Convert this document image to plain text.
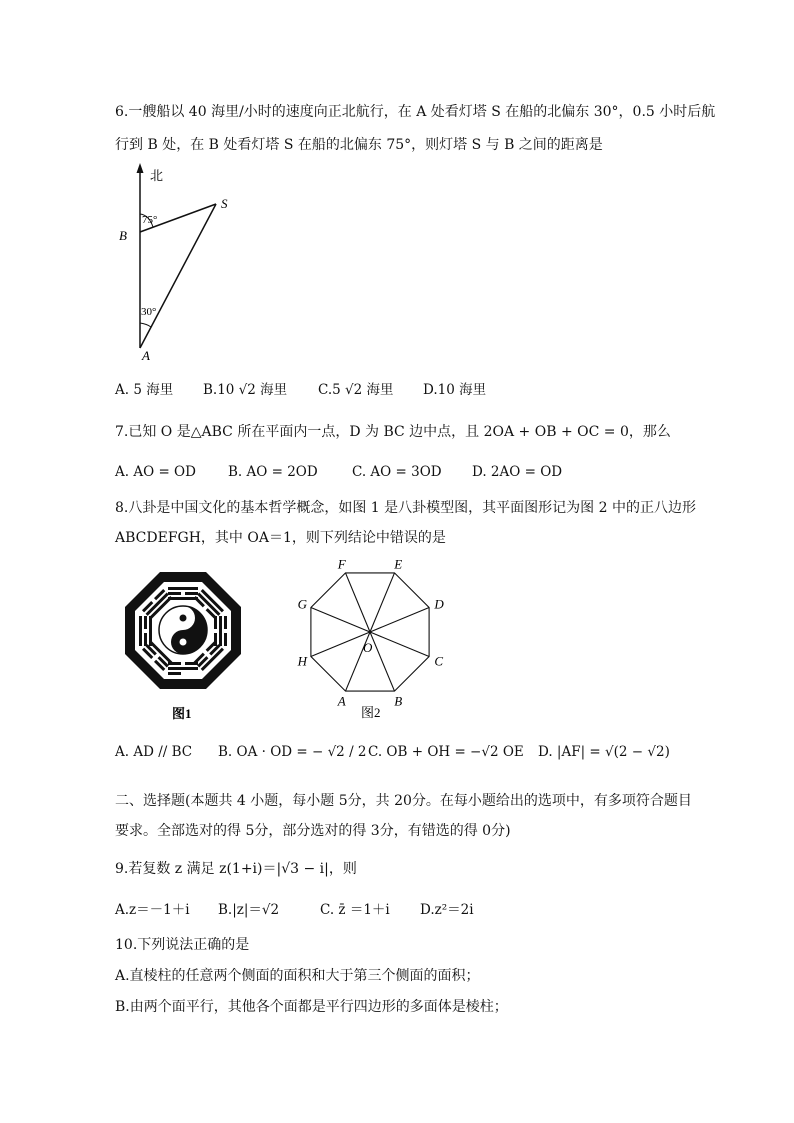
6.一艘船以 40 海里/小时的速度向正北航行，在 A 处看灯塔 S 在船的北偏东 30°，0.5 小时后航
行到 B 处，在 B 处看灯塔 S 在船的北偏东 75°，则灯塔 S 与 B 之间的距离是
北
S
B
A
75°
30°
A. 5 海里 B.10 √2 海里 C.5 √2 海里 D.10 海里
7.已知 O 是△ABC 所在平面内一点，D 为 BC 边中点，且 2OA + OB + OC = 0，那么
A. AO = OD B. AO = 2OD	C. AO = 3OD D. 2AO = OD
8.八卦是中国文化的基本哲学概念，如图 1 是八卦模型图，其平面图形记为图 2 中的正八边形
ABCDEFGH，其中 OA＝1，则下列结论中错误的是
图1
A	B
C
D
E
F
G
H
O
图2
A. AD // BC B. OA · OD = − √2 / 2 C. OB + OH = −√2 OE D. |AF| = √(2 − √2)
二、选择题(本题共 4 小题，每小题 5分，共 20分。在每小题给出的选项中，有多项符合题目
要求。全部选对的得 5分，部分选对的得 3分，有错选的得 0分)
9.若复数 z 满足 z(1+i)＝|√3 − i|，则
A.z＝－1＋i B.|z|＝√2	C. z̄ ＝1＋i D.z²＝2i
10.下列说法正确的是
A.直棱柱的任意两个侧面的面积和大于第三个侧面的面积；
B.由两个面平行，其他各个面都是平行四边形的多面体是棱柱；
